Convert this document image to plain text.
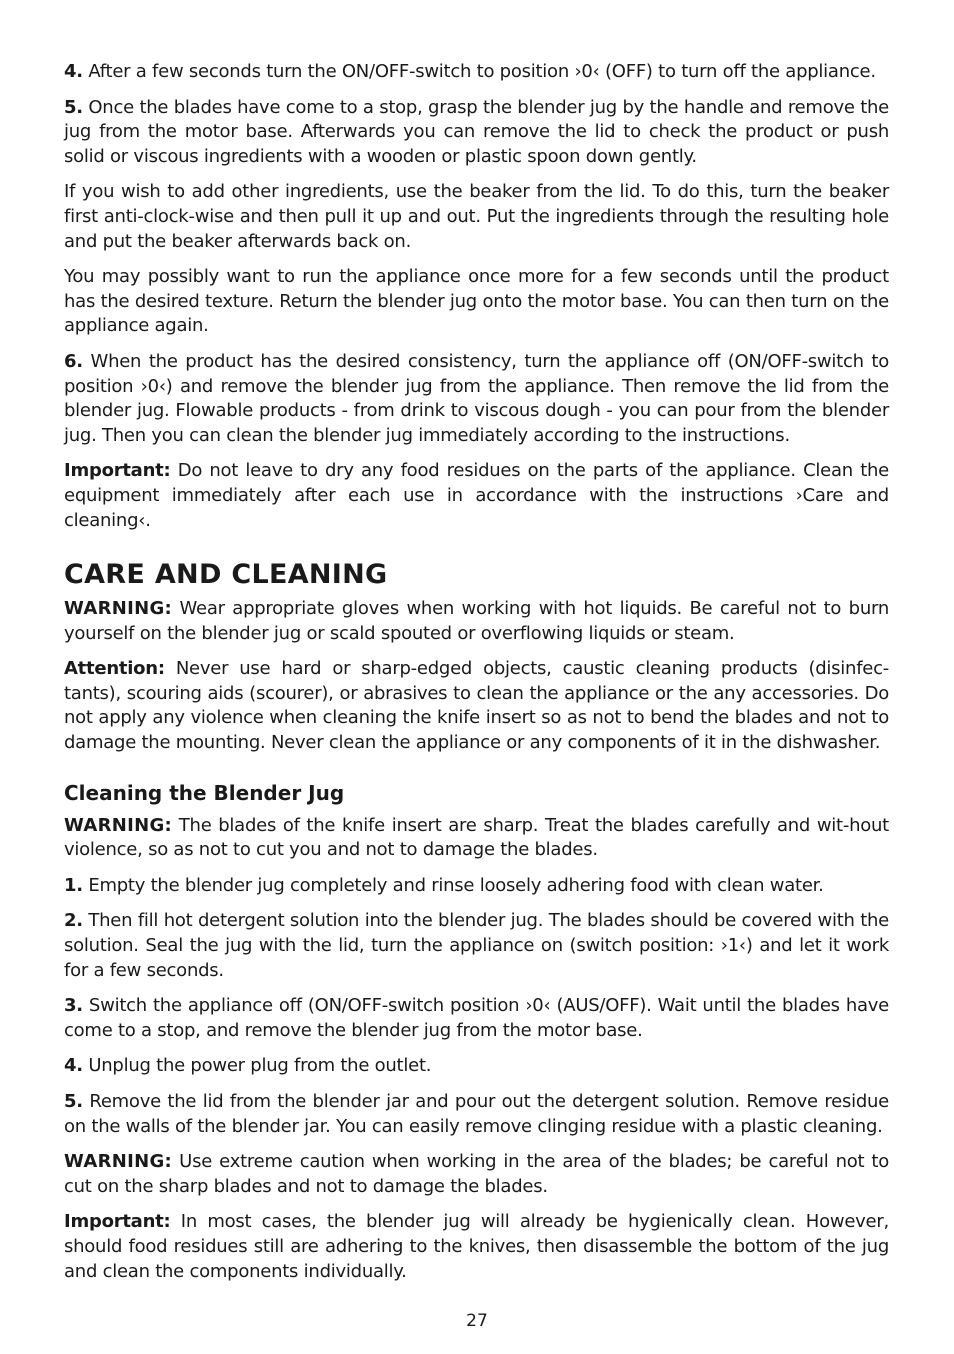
4. After a few seconds turn the ON/OFF-switch to position ›0‹ (OFF) to turn off the appliance.

5. Once the blades have come to a stop, grasp the blender jug by the handle and remove the jug from the motor base. Afterwards you can remove the lid to check the product or push solid or viscous ingredients with a wooden or plastic spoon down gently.

If you wish to add other ingredients, use the beaker from the lid. To do this, turn the beaker first anti-clock-wise and then pull it up and out. Put the ingredients through the resulting hole and put the beaker afterwards back on.

You may possibly want to run the appliance once more for a few seconds until the product has the desired texture. Return the blender jug onto the motor base. You can then turn on the appliance again.

6. When the product has the desired consistency, turn the appliance off (ON/OFF-switch to position ›0‹) and remove the blender jug from the appliance. Then remove the lid from the blender jug. Flowable products - from drink to viscous dough - you can pour from the blender jug. Then you can clean the blender jug immediately according to the instructions.

Important: Do not leave to dry any food residues on the parts of the appliance. Clean the equipment immediately after each use in accordance with the instructions ›Care and cleaning‹.

CARE AND CLEANING

WARNING: Wear appropriate gloves when working with hot liquids. Be careful not to burn yourself on the blender jug or scald spouted or overflowing liquids or steam.

Attention: Never use hard or sharp-edged objects, caustic cleaning products (disinfec-tants), scouring aids (scourer), or abrasives to clean the appliance or the any accessories. Do not apply any violence when cleaning the knife insert so as not to bend the blades and not to damage the mounting. Never clean the appliance or any components of it in the dishwasher.

Cleaning the Blender Jug

WARNING: The blades of the knife insert are sharp. Treat the blades carefully and wit-hout violence, so as not to cut you and not to damage the blades.

1. Empty the blender jug completely and rinse loosely adhering food with clean water.

2. Then fill hot detergent solution into the blender jug. The blades should be covered with the solution. Seal the jug with the lid, turn the appliance on (switch position: ›1‹) and let it work for a few seconds.

3. Switch the appliance off (ON/OFF-switch position ›0‹ (AUS/OFF). Wait until the blades have come to a stop, and remove the blender jug from the motor base.

4. Unplug the power plug from the outlet.

5. Remove the lid from the blender jar and pour out the detergent solution. Remove residue on the walls of the blender jar. You can easily remove clinging residue with a plastic cleaning.

WARNING: Use extreme caution when working in the area of the blades; be careful not to cut on the sharp blades and not to damage the blades.

Important: In most cases, the blender jug will already be hygienically clean. However, should food residues still are adhering to the knives, then disassemble the bottom of the jug and clean the components individually.

27
